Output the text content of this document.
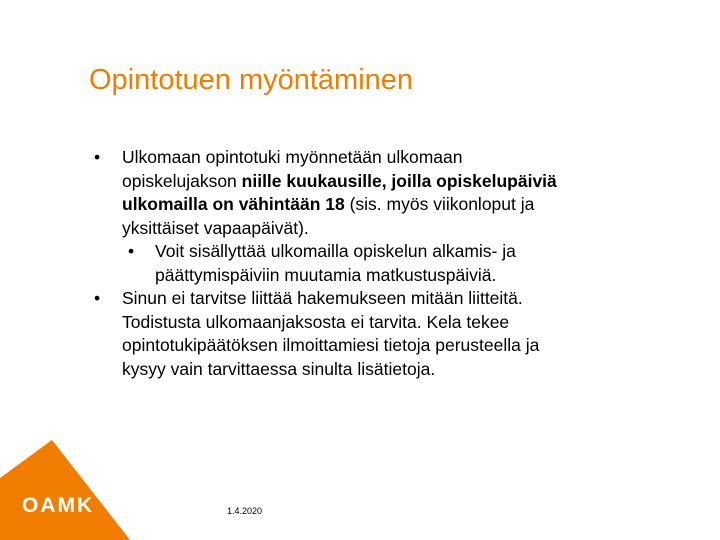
Opintotuen myöntäminen
• Ulkomaan opintotuki myönnetään ulkomaan
opiskelujakson niille kuukausille, joilla opiskelupäiviä
ulkomailla on vähintään 18 (sis. myös viikonloput ja
yksittäiset vapaapäivät).
• Voit sisällyttää ulkomailla opiskelun alkamis- ja
päättymispäiviin muutamia matkustuspäiviä.
• Sinun ei tarvitse liittää hakemukseen mitään liitteitä.
Todistusta ulkomaanjaksosta ei tarvita. Kela tekee
opintotukipäätöksen ilmoittamiesi tietoja perusteella ja
kysyy vain tarvittaessa sinulta lisätietoja.
OAMK	1.4.2020
